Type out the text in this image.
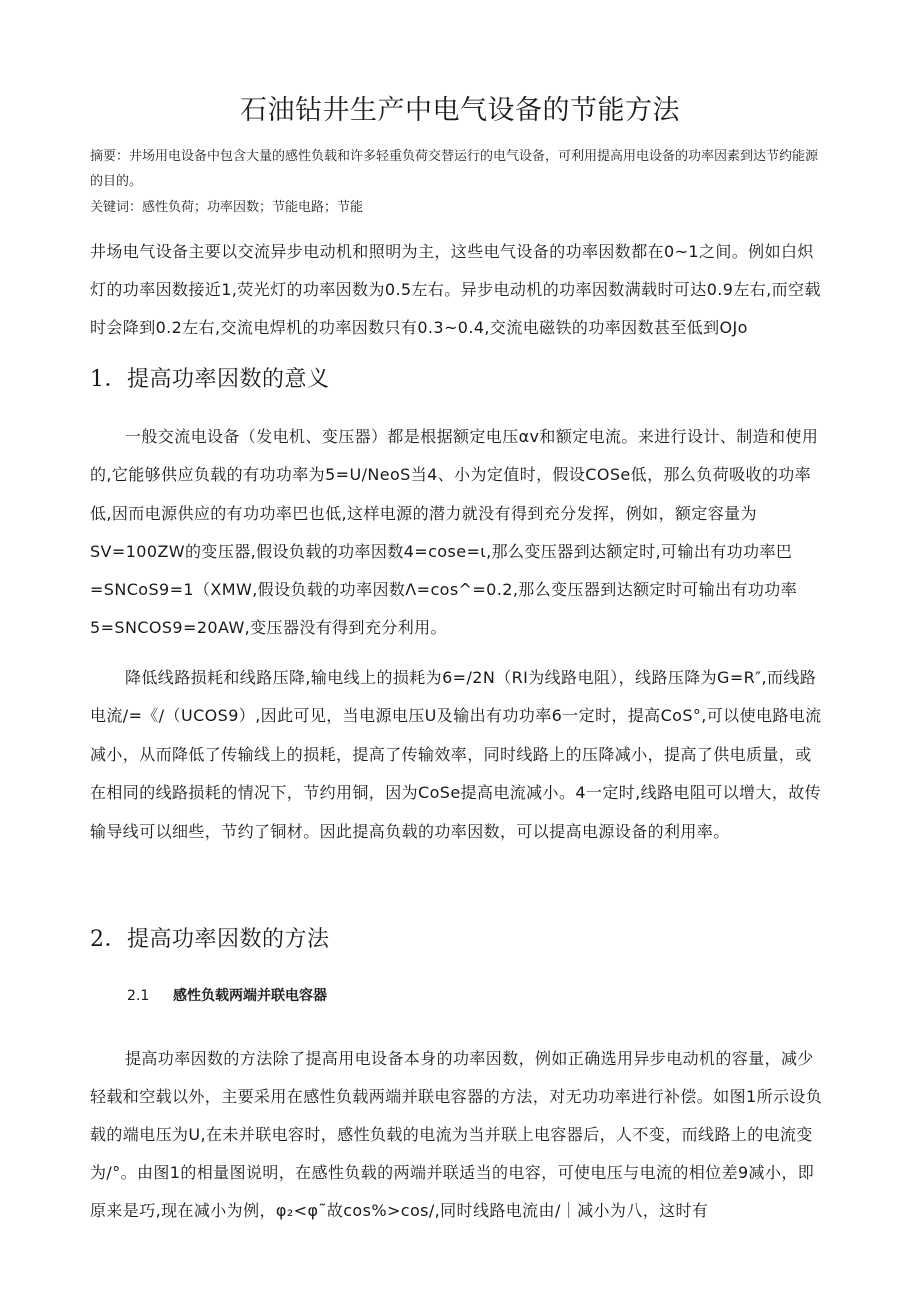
石油钻井生产中电气设备的节能方法

摘要：井场用电设备中包含大量的感性负载和许多轻重负荷交替运行的电气设备，可利用提高用电设备的功率因素到达节约能源的目的。

关键词：感性负荷；功率因数；节能电路；节能

井场电气设备主要以交流异步电动机和照明为主，这些电气设备的功率因数都在0~1之间。例如白炽灯的功率因数接近1,荧光灯的功率因数为0.5左右。异步电动机的功率因数满载时可达0.9左右,而空载时会降到0.2左右,交流电焊机的功率因数只有0.3~0.4,交流电磁铁的功率因数甚至低到OJo

1．提高功率因数的意义

一般交流电设备（发电机、变压器）都是根据额定电压αv和额定电流。来进行设计、制造和使用的,它能够供应负载的有功功率为5=U∕NeoS当4、小为定值时，假设COSe低，那么负荷吸收的功率低,因而电源供应的有功功率巴也低,这样电源的潜力就没有得到充分发挥，例如，额定容量为SV=100ZW的变压器,假设负载的功率因数4=cose=ι,那么变压器到达额定时,可输出有功功率巴=SNCoS9=1（XMW,假设负载的功率因数Λ=cos^=0.2,那么变压器到达额定时可输出有功功率5=SNCOS9=20AW,变压器没有得到充分利用。

降低线路损耗和线路压降,输电线上的损耗为6=/2N（RI为线路电阻），线路压降为G=R″,而线路电流/=《/（UCOS9）,因此可见，当电源电压U及输出有功功率6一定时，提高CoS°,可以使电路电流减小，从而降低了传输线上的损耗，提高了传输效率，同时线路上的压降减小，提高了供电质量，或在相同的线路损耗的情况下，节约用铜，因为CoSe提高电流减小。4一定时,线路电阻可以增大，故传输导线可以细些，节约了铜材。因此提高负载的功率因数，可以提高电源设备的利用率。

2．提高功率因数的方法
2.1 感性负载两端并联电容器

提高功率因数的方法除了提高用电设备本身的功率因数，例如正确选用异步电动机的容量，减少轻载和空载以外，主要采用在感性负载两端并联电容器的方法，对无功功率进行补偿。如图1所示设负载的端电压为U,在未并联电容时，感性负载的电流为当并联上电容器后，人不变，而线路上的电流变为/°。由图1的相量图说明，在感性负载的两端并联适当的电容，可使电压与电流的相位差9减小，即原来是巧,现在减小为例，φ₂<φ˜故cos%>cos/,同时线路电流由/｜减小为八，这时有
